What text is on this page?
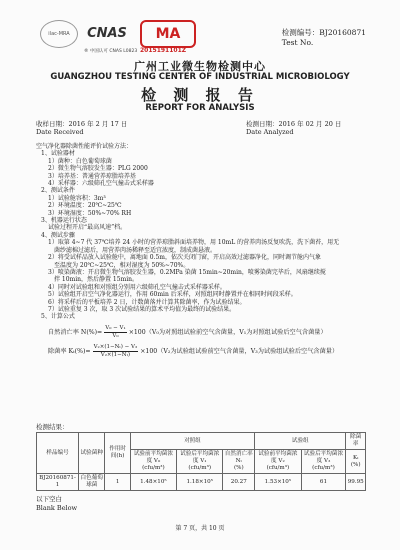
ilac-MRA	CNAS
® 中国认可 CNAS L0823
MA
2015191101Z
检测编号：BJ20160871
Test No.
广州工业微生物检测中心
GUANGZHOU TESTING CENTER OF INDUSTRIAL MICROBIOLOGY
检 测 报 告
REPORT FOR ANALYSIS
收样日期：2016 年 2 月 17 日
Date Received
检测日期：2016 年 02 月 20 日
Date Analyzed
空气净化器除菌性能评价试验方法：
1、试验器材
1）菌种：白色葡萄球菌
2）微生物气溶胶发生器：PLG 2000
3）培养基：普通营养琼脂培养基
4）采样器：六级筛孔空气撞击式采样器
2、测试条件
1）试验舱容积：3m³
2）环境温度：20℃~25℃
3）环境湿度：50%~70% RH
3、机器运行状态
试验过程开启“最高风速”档。
4、测试步骤
1）取第 4~7 代 37℃培养 24 小时的营养琼脂斜面培养物，用 10mL 的营养肉汤反复吹洗，洗下菌苔，用无
菌纱滤棉过滤后，用营养肉汤稀释至适宜浓度，制成菌悬液。
2）将受试样品放入试验舱中，离地面 0.5m，依次关闭门窗，开启高效过滤器净化，同时调节舱内气象
至温度为 20℃~25℃，相对湿度为 50%~70%。
3）喷染菌液：开启微生物气溶胶发生器，0.2MPa 染菌 15min~20min，喷雾染菌完毕后，风扇继续搅
拌 10min，然后静置 15min。
4）同时对试验组和对照组分别用六级筛孔空气撞击式采样器采样。
5）试验组开启空气净化器运行，作用 60min 后采样，对照组同时静置并在相同时间段采样。
6）将采样后的平板培养 2 日，计数菌落并计算其除菌率，作为试验结果。
7）试验重复 3 次，取 3 次试验结果的算术平均值为最终的试验结果。
5、计算公式
自然消亡率 $N(\%)= \frac{\text{V₀ − V₁}}{\text{V₀}} \times 100(V_0$为对照组试验前空气含菌量，V₁为对照组试验后空气含菌量）
除菌率 $K_t(\%)= \frac{\text{V₂×(1−Nₜ) − V₃}}{\text{V₂×(1−Nₜ)}} \times 100(V_2$为试验组试验前空气含菌量，V₃为试验组试验后空气含菌量）
检测结果：
样品编号	试验菌种	作用时间(h)	对照组			试验组		除菌率
			试验前平均菌浓度 V₀
(cfu/m³)	试验后平均菌浓度 V₁
(cfu/m³)	自然消亡率 Nₜ
(%)	试验前平均菌浓度 V₂
(cfu/m³)	试验后平均菌浓度 V₃
(cfu/m³)	Kₜ
(%)
BJ20160871-1	白色葡萄球菌	1	1.48×10⁵	1.18×10⁵	20.27	1.53×10⁵	61	99.95
以下空白
Blank Below
第 7 页，共 10 页
